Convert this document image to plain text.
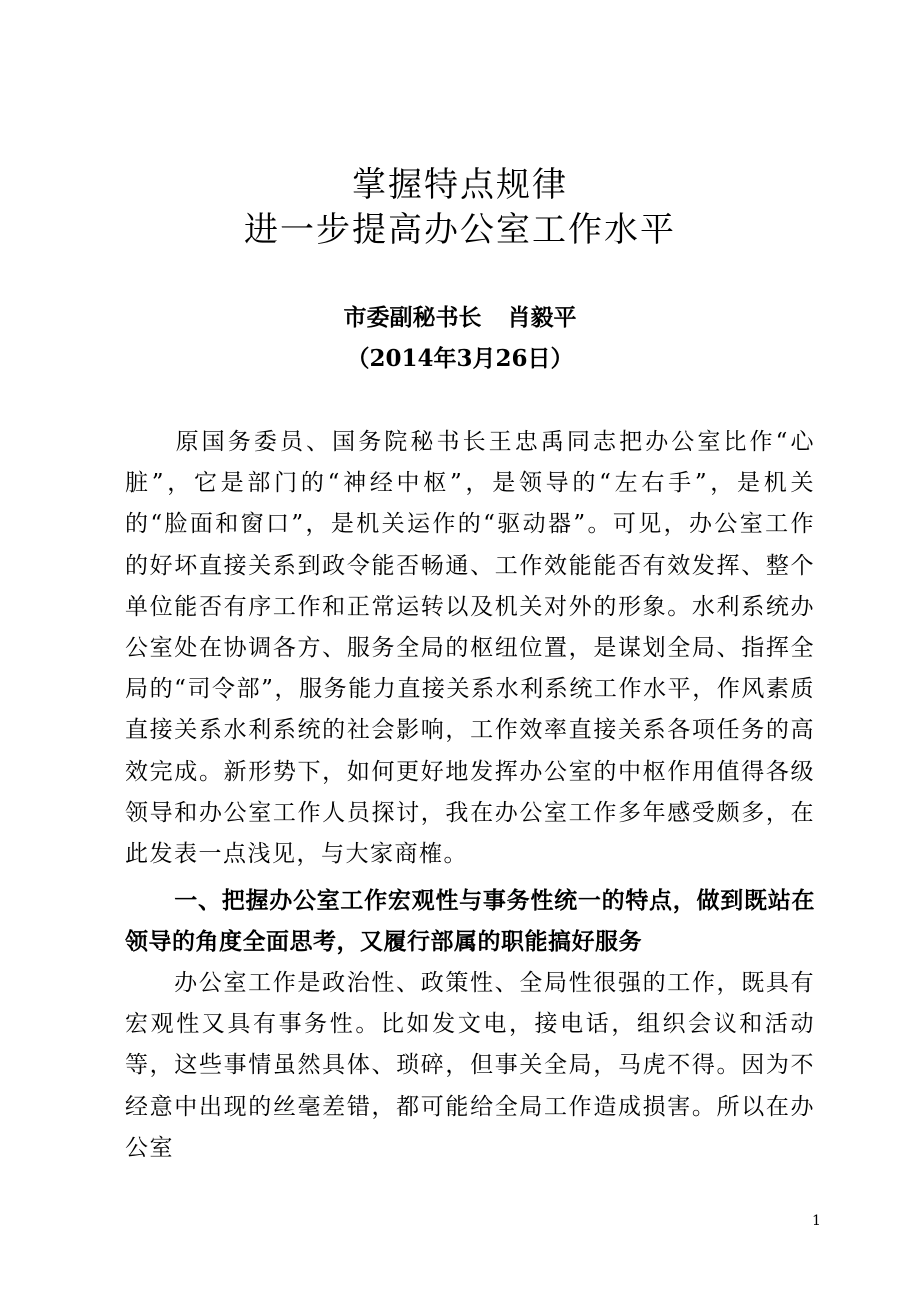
掌握特点规律
进一步提高办公室工作水平
市委副秘书长 肖毅平
（2014年3月26日）

原国务委员、国务院秘书长王忠禹同志把办公室比作“心脏”，它是部门的“神经中枢”，是领导的“左右手”，是机关的“脸面和窗口”，是机关运作的“驱动器”。可见，办公室工作的好坏直接关系到政令能否畅通、工作效能能否有效发挥、整个单位能否有序工作和正常运转以及机关对外的形象。水利系统办公室处在协调各方、服务全局的枢纽位置，是谋划全局、指挥全局的“司令部”，服务能力直接关系水利系统工作水平，作风素质直接关系水利系统的社会影响，工作效率直接关系各项任务的高效完成。新形势下，如何更好地发挥办公室的中枢作用值得各级领导和办公室工作人员探讨，我在办公室工作多年感受颇多，在此发表一点浅见，与大家商榷。

一、把握办公室工作宏观性与事务性统一的特点，做到既站在领导的角度全面思考，又履行部属的职能搞好服务

办公室工作是政治性、政策性、全局性很强的工作，既具有宏观性又具有事务性。比如发文电，接电话，组织会议和活动等，这些事情虽然具体、琐碎，但事关全局，马虎不得。因为不经意中出现的丝毫差错，都可能给全局工作造成损害。所以在办公室

1
